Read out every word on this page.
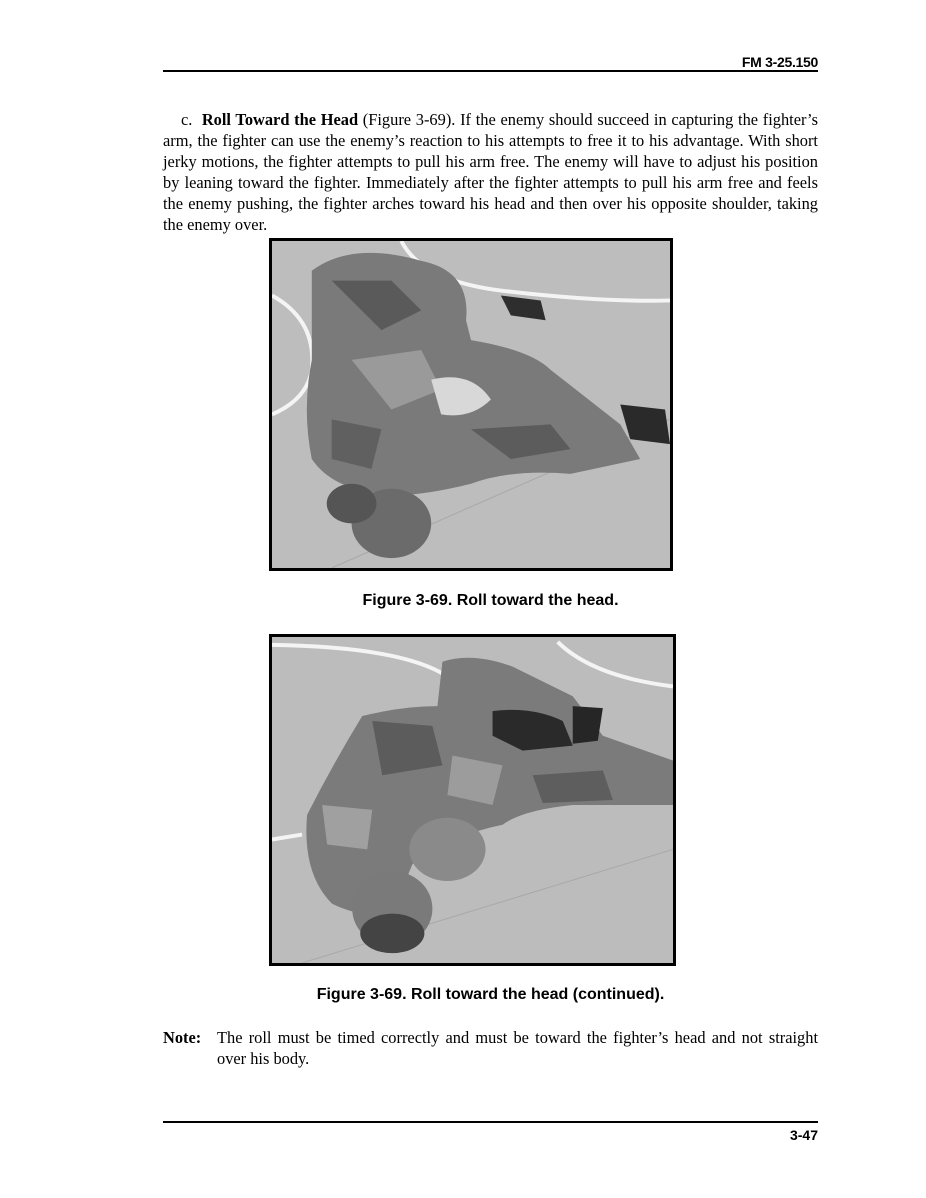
FM 3-25.150

c. Roll Toward the Head (Figure 3-69). If the enemy should succeed in capturing the fighter’s arm, the fighter can use the enemy’s reaction to his attempts to free it to his advantage. With short jerky motions, the fighter attempts to pull his arm free. The enemy will have to adjust his position by leaning toward the fighter. Immediately after the fighter attempts to pull his arm free and feels the enemy pushing, the fighter arches toward his head and then over his opposite shoulder, taking the enemy over.

Figure 3-69. Roll toward the head.
Figure 3-69. Roll toward the head (continued).
Note: The roll must be timed correctly and must be toward the fighter’s head and not straight over his body.
3-47
